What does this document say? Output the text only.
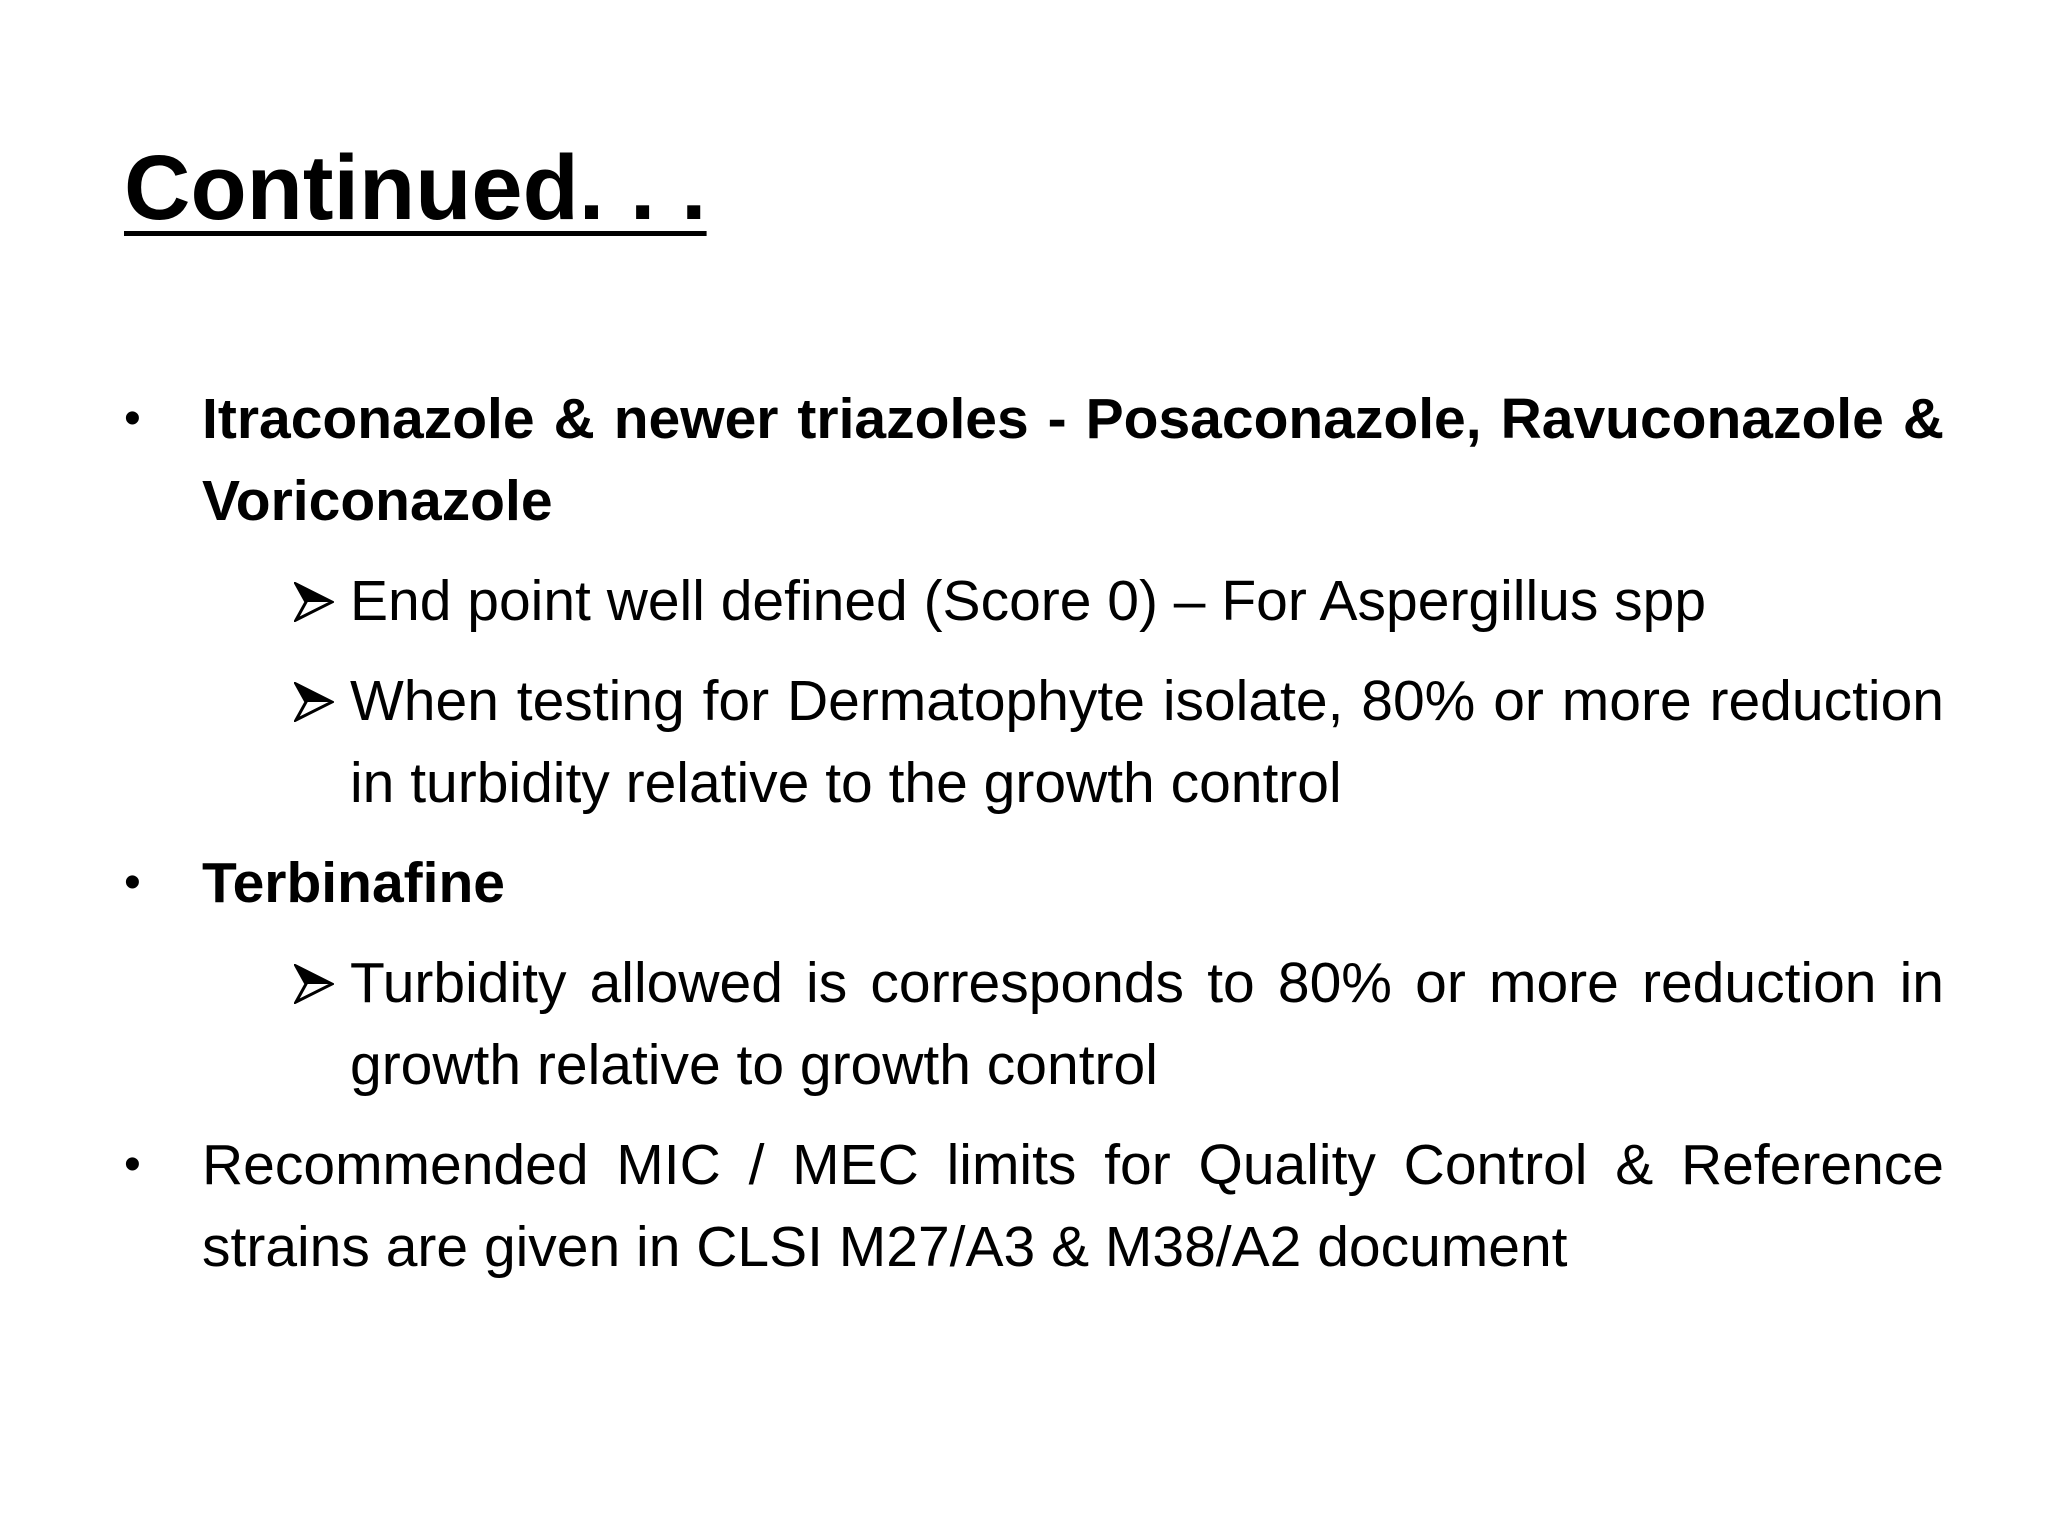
Continued. . .
• Itraconazole & newer triazoles - Posaconazole, Ravuconazole & Voriconazole
End point well defined (Score 0) – For Aspergillus spp
When testing for Dermatophyte isolate, 80% or more reduction in turbidity relative to the growth control
• Terbinafine
Turbidity allowed is corresponds to 80% or more reduction in growth relative to growth control
• Recommended MIC / MEC limits for Quality Control & Reference strains are given in CLSI M27/A3 & M38/A2 document
